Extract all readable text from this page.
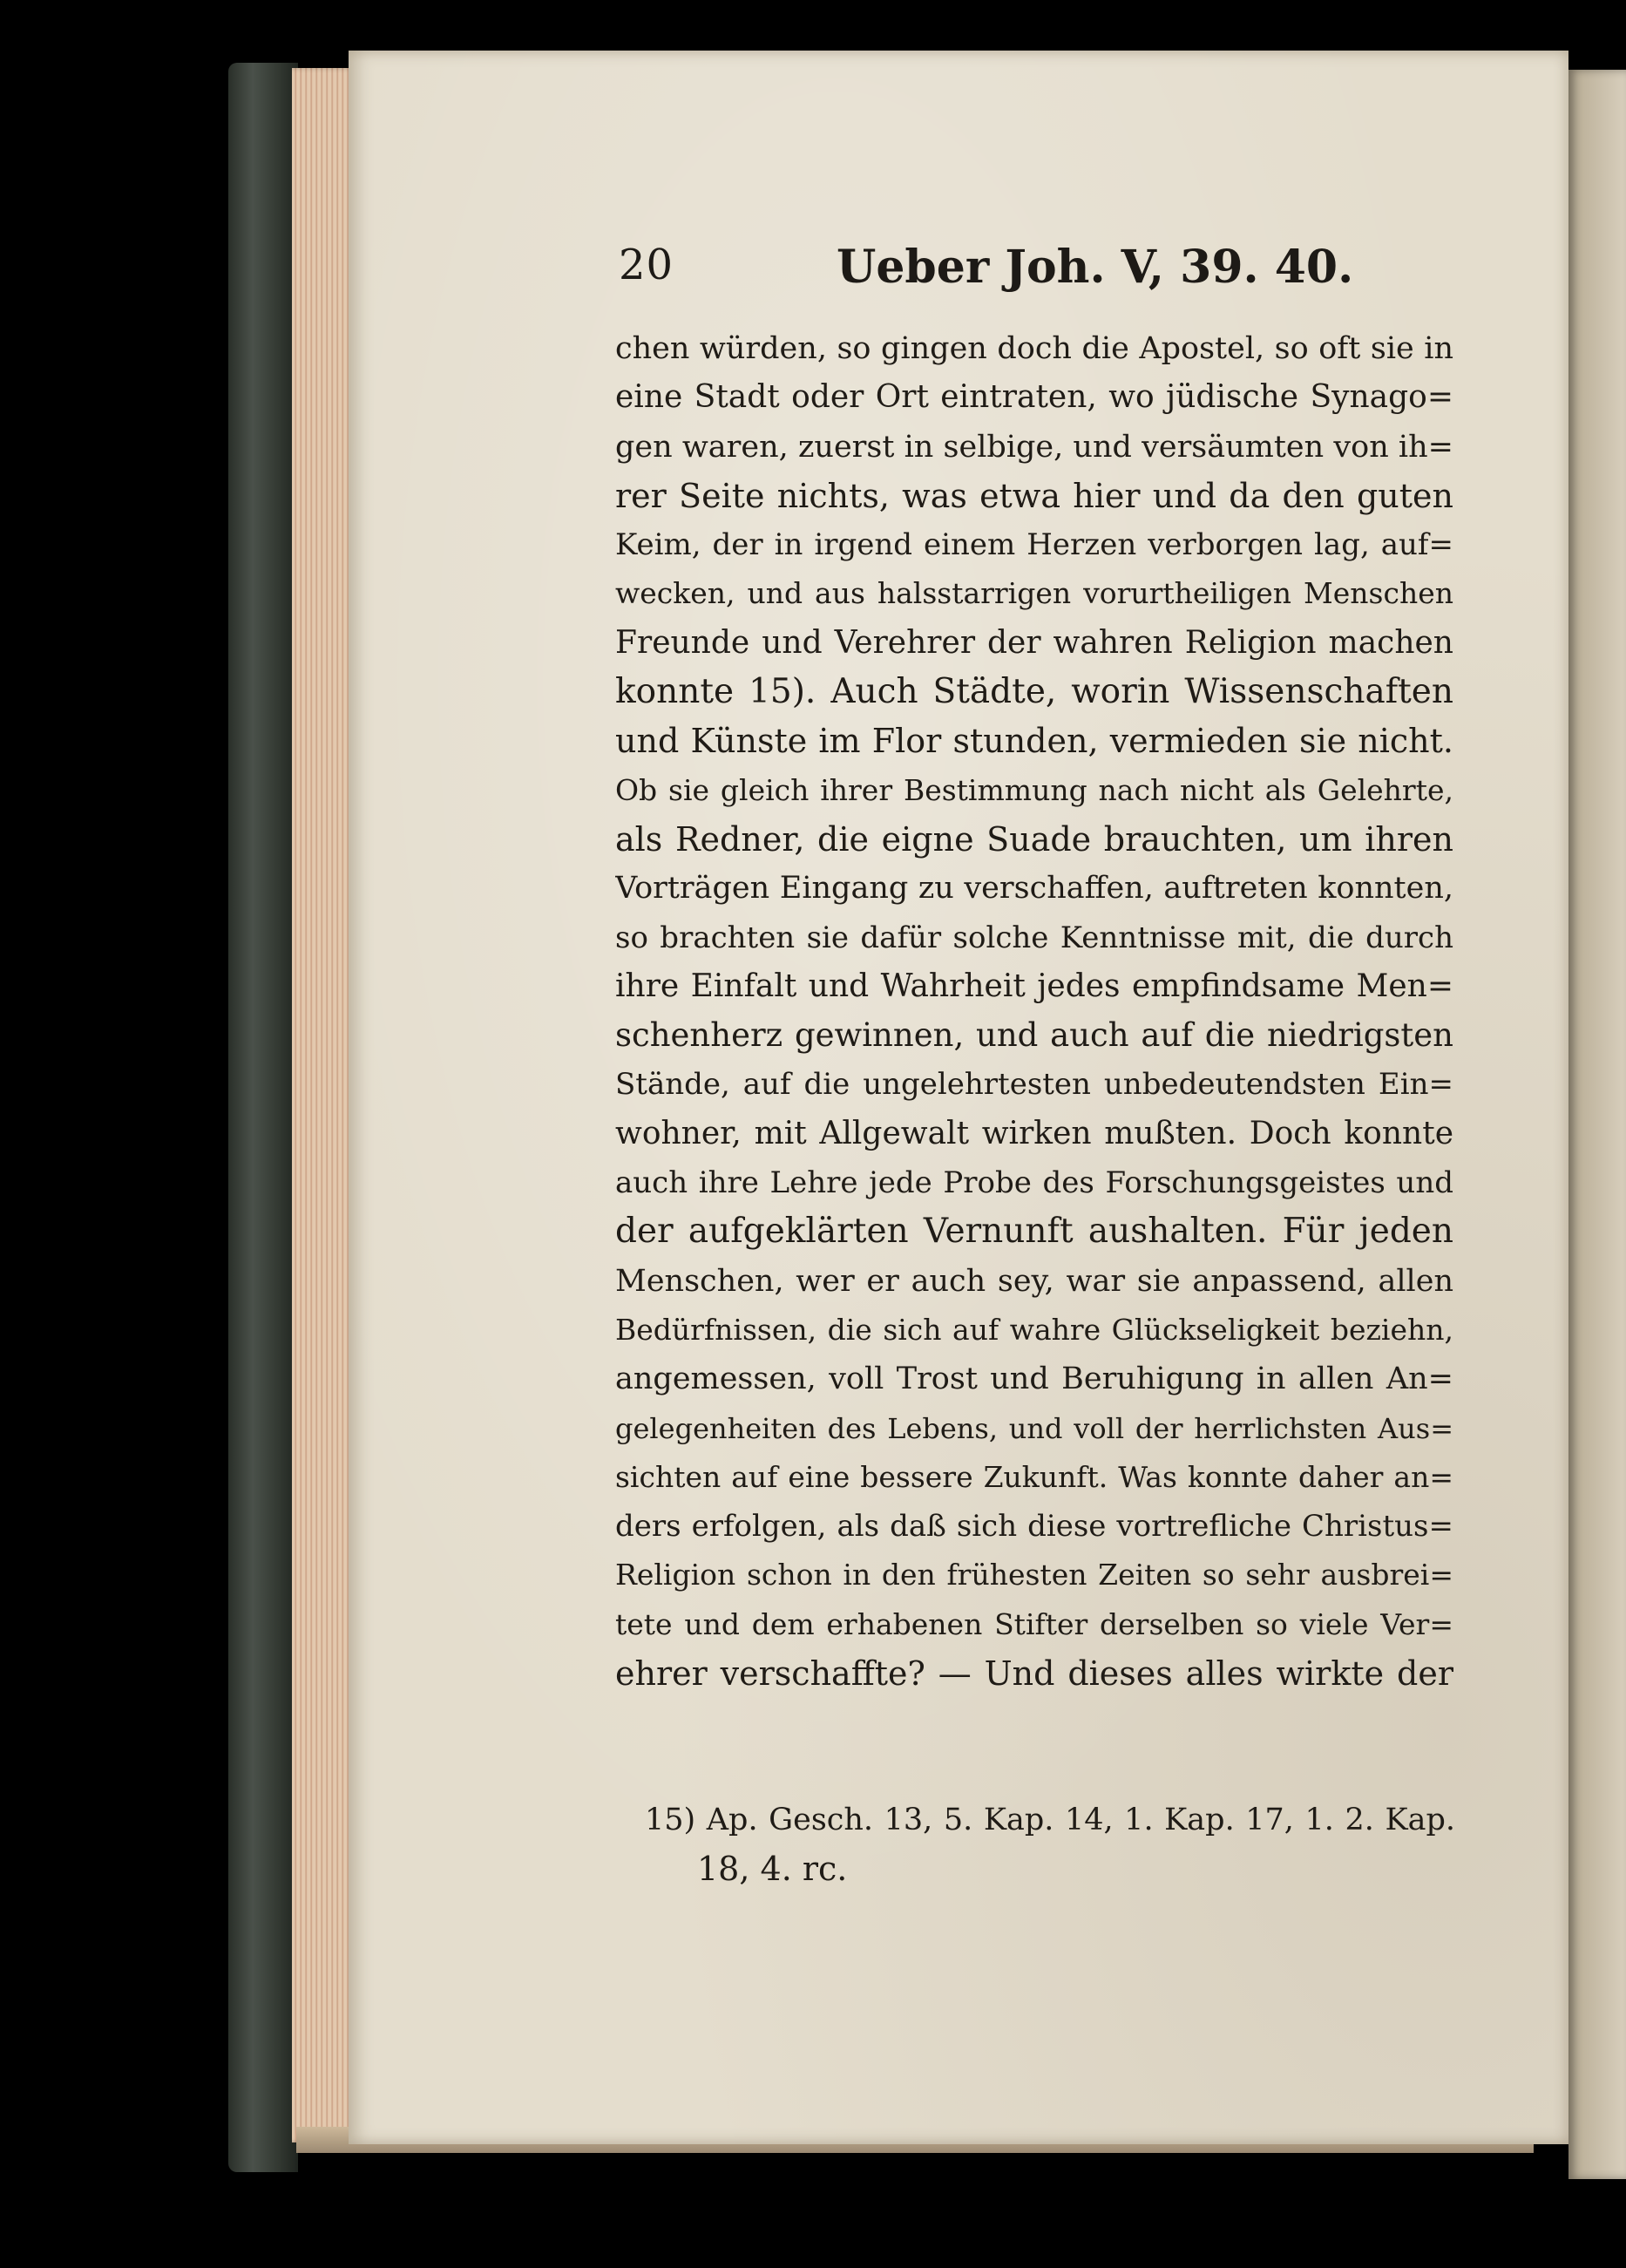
20	Ueber Joh. V, 39. 40.
chen würden, so gingen doch die Apostel, so oft sie in
eine Stadt oder Ort eintraten, wo jüdische Synago=
gen waren, zuerst in selbige, und versäumten von ih=
rer Seite nichts, was etwa hier und da den guten
Keim, der in irgend einem Herzen verborgen lag, auf=
wecken, und aus halsstarrigen vorurtheiligen Menschen
Freunde und Verehrer der wahren Religion machen
konnte 15). Auch Städte, worin Wissenschaften
und Künste im Flor stunden, vermieden sie nicht.
Ob sie gleich ihrer Bestimmung nach nicht als Gelehrte,
als Redner, die eigne Suade brauchten, um ihren
Vorträgen Eingang zu verschaffen, auftreten konnten,
so brachten sie dafür solche Kenntnisse mit, die durch
ihre Einfalt und Wahrheit jedes empfindsame Men=
schenherz gewinnen, und auch auf die niedrigsten
Stände, auf die ungelehrtesten unbedeutendsten Ein=
wohner, mit Allgewalt wirken mußten. Doch konnte
auch ihre Lehre jede Probe des Forschungsgeistes und
der aufgeklärten Vernunft aushalten. Für jeden
Menschen, wer er auch sey, war sie anpassend, allen
Bedürfnissen, die sich auf wahre Glückseligkeit beziehn,
angemessen, voll Trost und Beruhigung in allen An=
gelegenheiten des Lebens, und voll der herrlichsten Aus=
sichten auf eine bessere Zukunft. Was konnte daher an=
ders erfolgen, als daß sich diese vortrefliche Christus=
Religion schon in den frühesten Zeiten so sehr ausbrei=
tete und dem erhabenen Stifter derselben so viele Ver=
ehrer verschaffte? — Und dieses alles wirkte der
15) Ap. Gesch. 13, 5. Kap. 14, 1. Kap. 17, 1. 2. Kap.
18, 4. rc.
